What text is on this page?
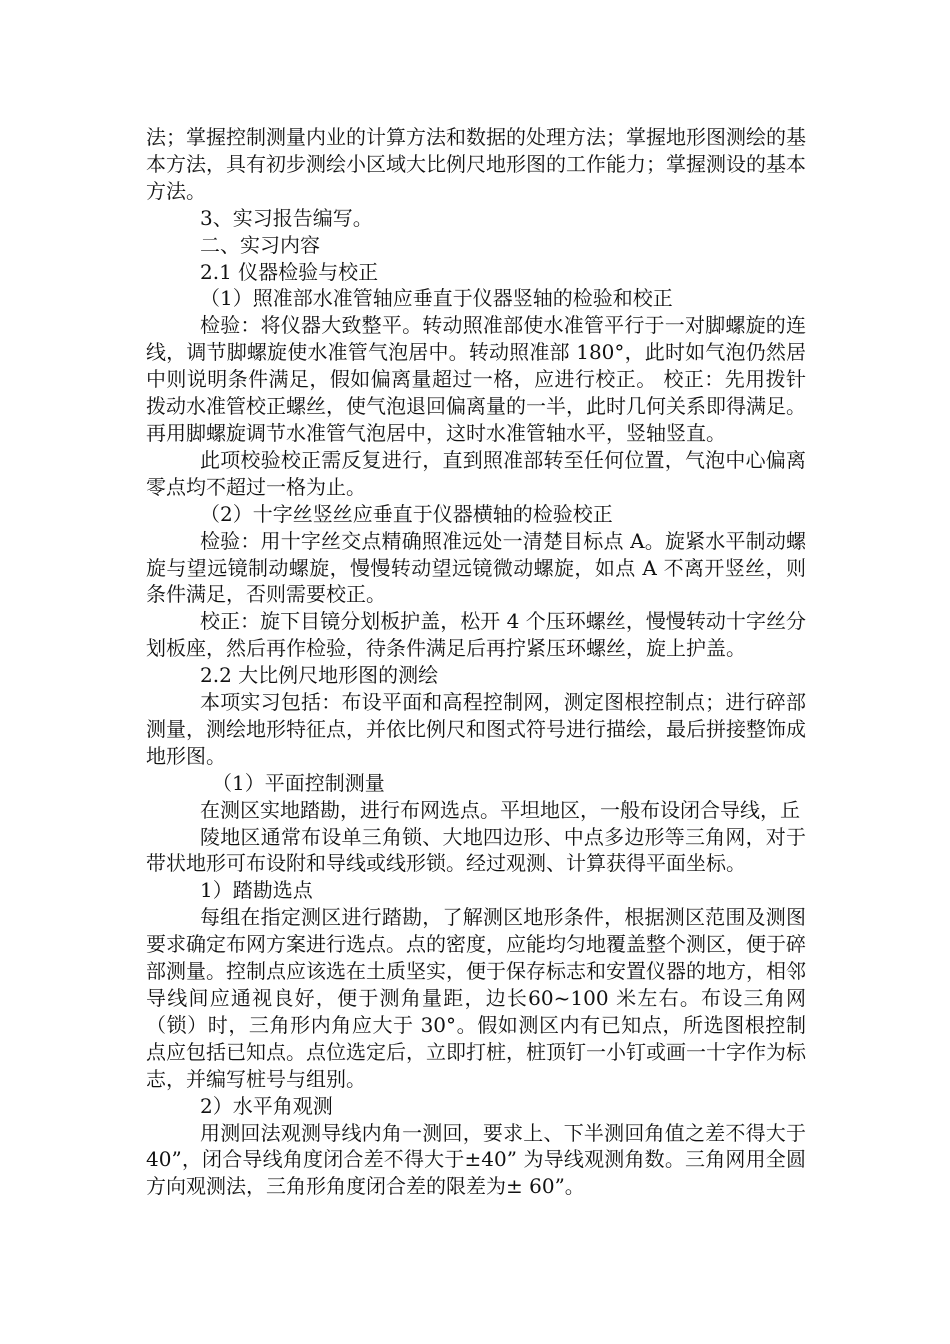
法；掌握控制测量内业的计算方法和数据的处理方法；掌握地形图测绘的基本方法，具有初步测绘小区域大比例尺地形图的工作能力；掌握测设的基本方法。

3、实习报告编写。

二、实习内容

2.1 仪器检验与校正

（1）照准部水准管轴应垂直于仪器竖轴的检验和校正

检验：将仪器大致整平。转动照准部使水准管平行于一对脚螺旋的连线，调节脚螺旋使水准管气泡居中。转动照准部 180°，此时如气泡仍然居中则说明条件满足，假如偏离量超过一格，应进行校正。 校正：先用拨针拨动水准管校正螺丝，使气泡退回偏离量的一半，此时几何关系即得满足。再用脚螺旋调节水准管气泡居中，这时水准管轴水平，竖轴竖直。

此项校验校正需反复进行，直到照准部转至任何位置，气泡中心偏离零点均不超过一格为止。

（2）十字丝竖丝应垂直于仪器横轴的检验校正

检验：用十字丝交点精确照准远处一清楚目标点 A。旋紧水平制动螺旋与望远镜制动螺旋，慢慢转动望远镜微动螺旋，如点 A 不离开竖丝，则条件满足，否则需要校正。

校正：旋下目镜分划板护盖，松开 4 个压环螺丝，慢慢转动十字丝分划板座，然后再作检验，待条件满足后再拧紧压环螺丝，旋上护盖。

2.2 大比例尺地形图的测绘

本项实习包括：布设平面和高程控制网，测定图根控制点；进行碎部测量，测绘地形特征点，并依比例尺和图式符号进行描绘，最后拼接整饰成地形图。

（1）平面控制测量

在测区实地踏勘，进行布网选点。平坦地区，一般布设闭合导线，丘

陵地区通常布设单三角锁、大地四边形、中点多边形等三角网，对于带状地形可布设附和导线或线形锁。经过观测、计算获得平面坐标。

1）踏勘选点

每组在指定测区进行踏勘，了解测区地形条件，根据测区范围及测图要求确定布网方案进行选点。点的密度，应能均匀地覆盖整个测区，便于碎部测量。控制点应该选在土质坚实，便于保存标志和安置仪器的地方，相邻导线间应通视良好，便于测角量距，边长60~100 米左右。布设三角网（锁）时，三角形内角应大于 30°。假如测区内有已知点，所选图根控制点应包括已知点。点位选定后，立即打桩，桩顶钉一小钉或画一十字作为标志，并编写桩号与组别。

2）水平角观测

用测回法观测导线内角一测回，要求上、下半测回角值之差不得大于 40”，闭合导线角度闭合差不得大于±40” 为导线观测角数。三角网用全圆方向观测法，三角形角度闭合差的限差为± 60”。
